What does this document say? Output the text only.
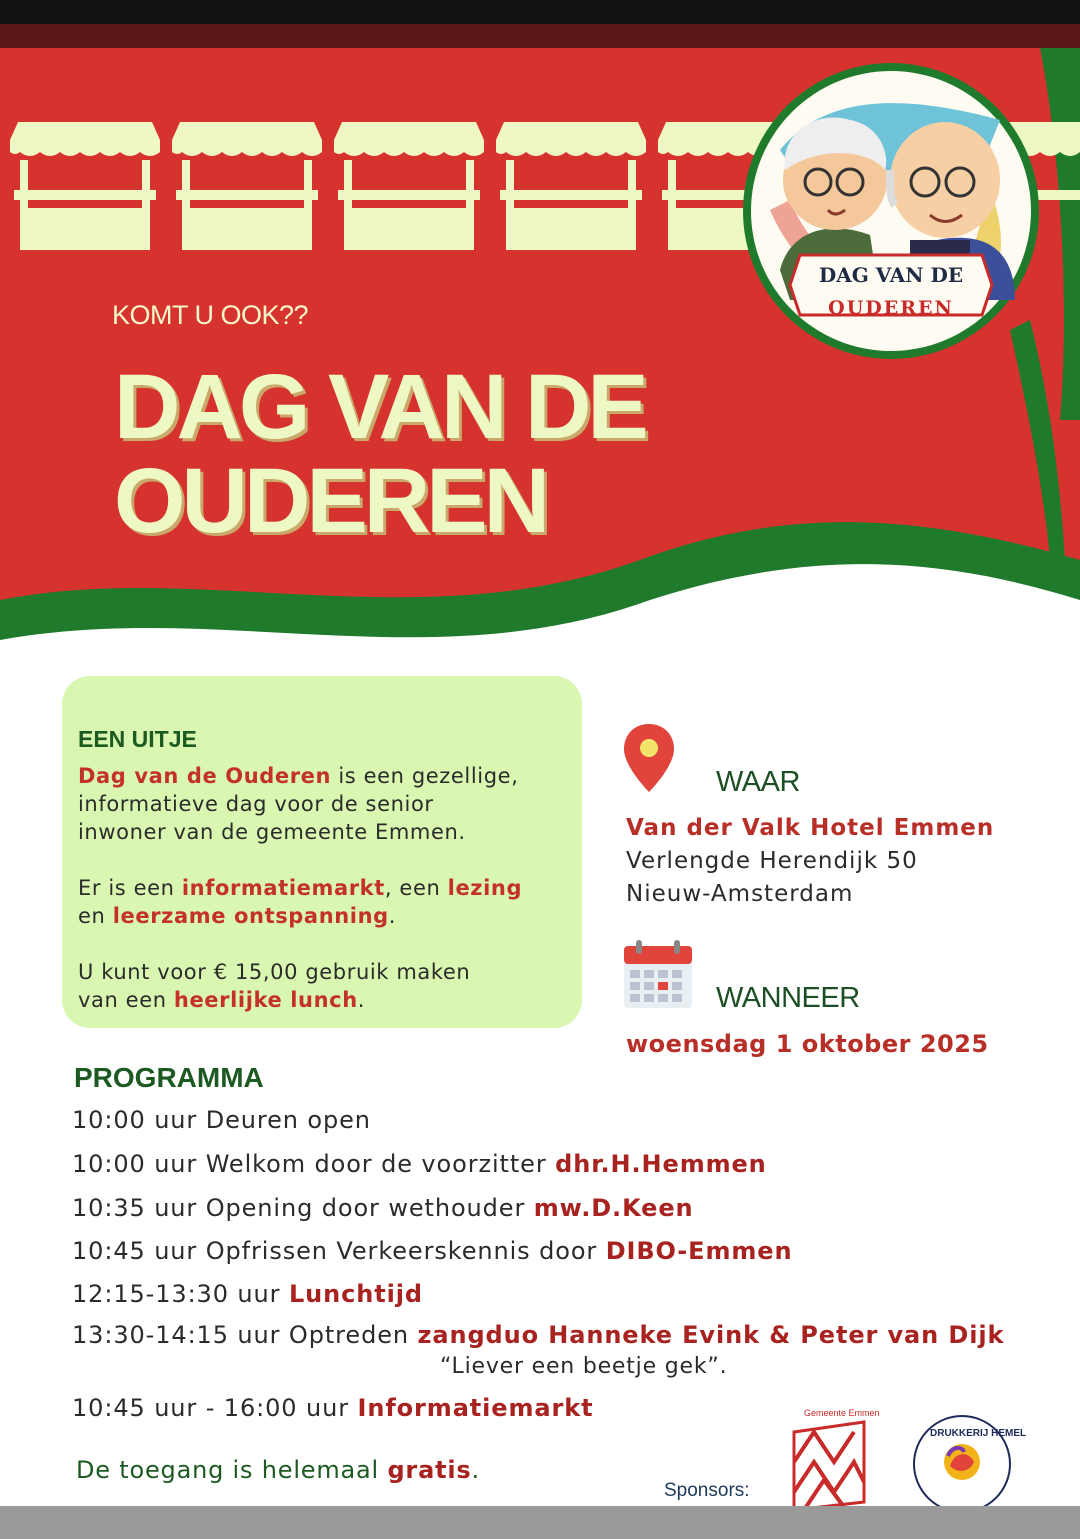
DAG VAN DE
OUDEREN
KOMT U OOK??
DAG VAN DE
OUDEREN
EEN UITJE

Dag van de Ouderen is een gezellige,
informatieve dag voor de senior
inwoner van de gemeente Emmen.

Er is een informatiemarkt, een lezing
en leerzame ontspanning.

U kunt voor € 15,00 gebruik maken
van een heerlijke lunch.

WAAR
Van der Valk Hotel Emmen
Verlengde Herendijk 50
Nieuw-Amsterdam
WANNEER
woensdag 1 oktober 2025
PROGRAMMA

10:00 uur Deuren open

10:00 uur Welkom door de voorzitter dhr.H.Hemmen

10:35 uur Opening door wethouder mw.D.Keen

10:45 uur Opfrissen Verkeerskennis door DIBO-Emmen

12:15-13:30 uur Lunchtijd

13:30-14:15 uur Optreden zangduo Hanneke Evink & Peter van Dijk

“Liever een beetje gek”.

10:45 uur - 16:00 uur Informatiemarkt

De toegang is helemaal gratis.
Sponsors:
Gemeente Emmen
DRUKKERIJ HEMEL
